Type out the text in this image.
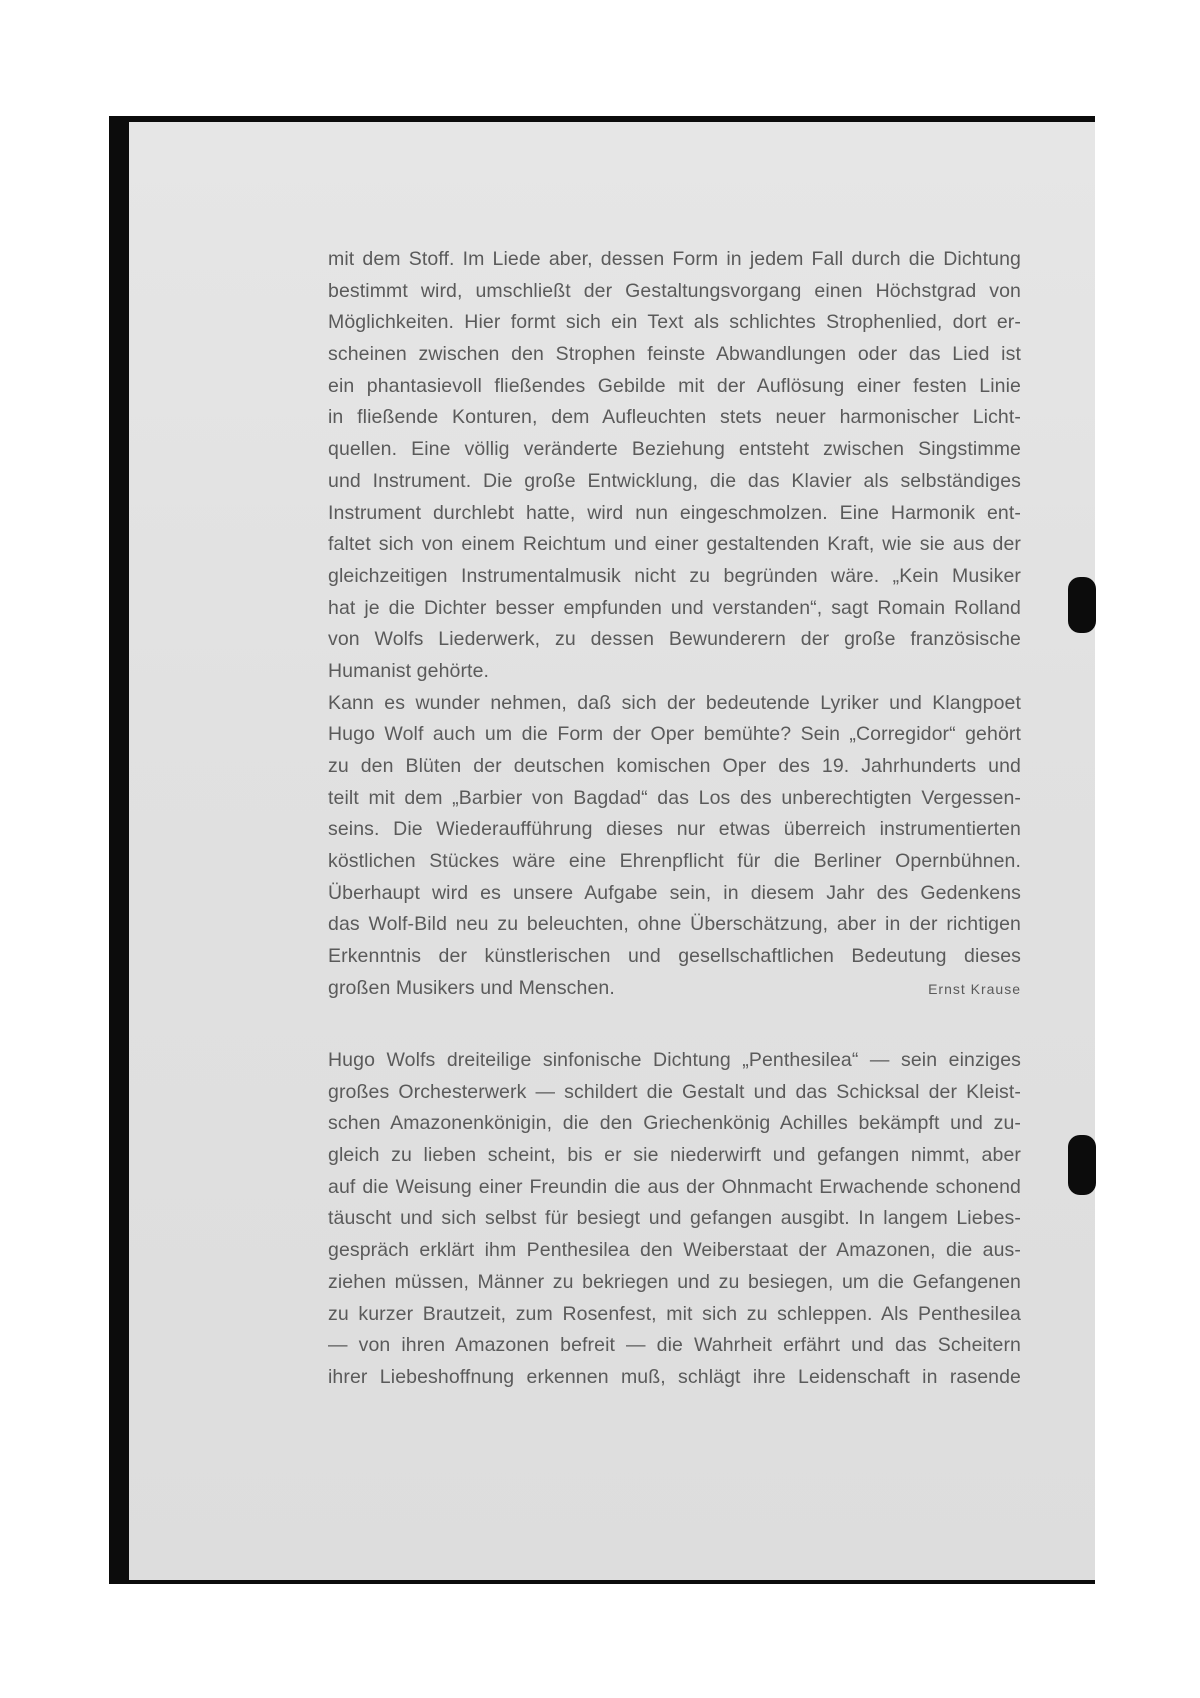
mit dem Stoff. Im Liede aber, dessen Form in jedem Fall durch die Dichtung
bestimmt wird, umschließt der Gestaltungsvorgang einen Höchstgrad von
Möglichkeiten. Hier formt sich ein Text als schlichtes Strophenlied, dort er-
scheinen zwischen den Strophen feinste Abwandlungen oder das Lied ist
ein phantasievoll fließendes Gebilde mit der Auflösung einer festen Linie
in fließende Konturen, dem Aufleuchten stets neuer harmonischer Licht-
quellen. Eine völlig veränderte Beziehung entsteht zwischen Singstimme
und Instrument. Die große Entwicklung, die das Klavier als selbständiges
Instrument durchlebt hatte, wird nun eingeschmolzen. Eine Harmonik ent-
faltet sich von einem Reichtum und einer gestaltenden Kraft, wie sie aus der
gleichzeitigen Instrumentalmusik nicht zu begründen wäre. „Kein Musiker
hat je die Dichter besser empfunden und verstanden“, sagt Romain Rolland
von Wolfs Liederwerk, zu dessen Bewunderern der große französische
Humanist gehörte.
Kann es wunder nehmen, daß sich der bedeutende Lyriker und Klangpoet
Hugo Wolf auch um die Form der Oper bemühte? Sein „Corregidor“ gehört
zu den Blüten der deutschen komischen Oper des 19. Jahrhunderts und
teilt mit dem „Barbier von Bagdad“ das Los des unberechtigten Vergessen-
seins. Die Wiederaufführung dieses nur etwas überreich instrumentierten
köstlichen Stückes wäre eine Ehrenpflicht für die Berliner Opernbühnen.
Überhaupt wird es unsere Aufgabe sein, in diesem Jahr des Gedenkens
das Wolf-Bild neu zu beleuchten, ohne Überschätzung, aber in der richtigen
Erkenntnis der künstlerischen und gesellschaftlichen Bedeutung dieses
großen Musikers und Menschen.	Ernst Krause
Hugo Wolfs dreiteilige sinfonische Dichtung „Penthesilea“ — sein einziges
großes Orchesterwerk — schildert die Gestalt und das Schicksal der Kleist-
schen Amazonenkönigin, die den Griechenkönig Achilles bekämpft und zu-
gleich zu lieben scheint, bis er sie niederwirft und gefangen nimmt, aber
auf die Weisung einer Freundin die aus der Ohnmacht Erwachende schonend
täuscht und sich selbst für besiegt und gefangen ausgibt. In langem Liebes-
gespräch erklärt ihm Penthesilea den Weiberstaat der Amazonen, die aus-
ziehen müssen, Männer zu bekriegen und zu besiegen, um die Gefangenen
zu kurzer Brautzeit, zum Rosenfest, mit sich zu schleppen. Als Penthesilea
— von ihren Amazonen befreit — die Wahrheit erfährt und das Scheitern
ihrer Liebeshoffnung erkennen muß, schlägt ihre Leidenschaft in rasende
